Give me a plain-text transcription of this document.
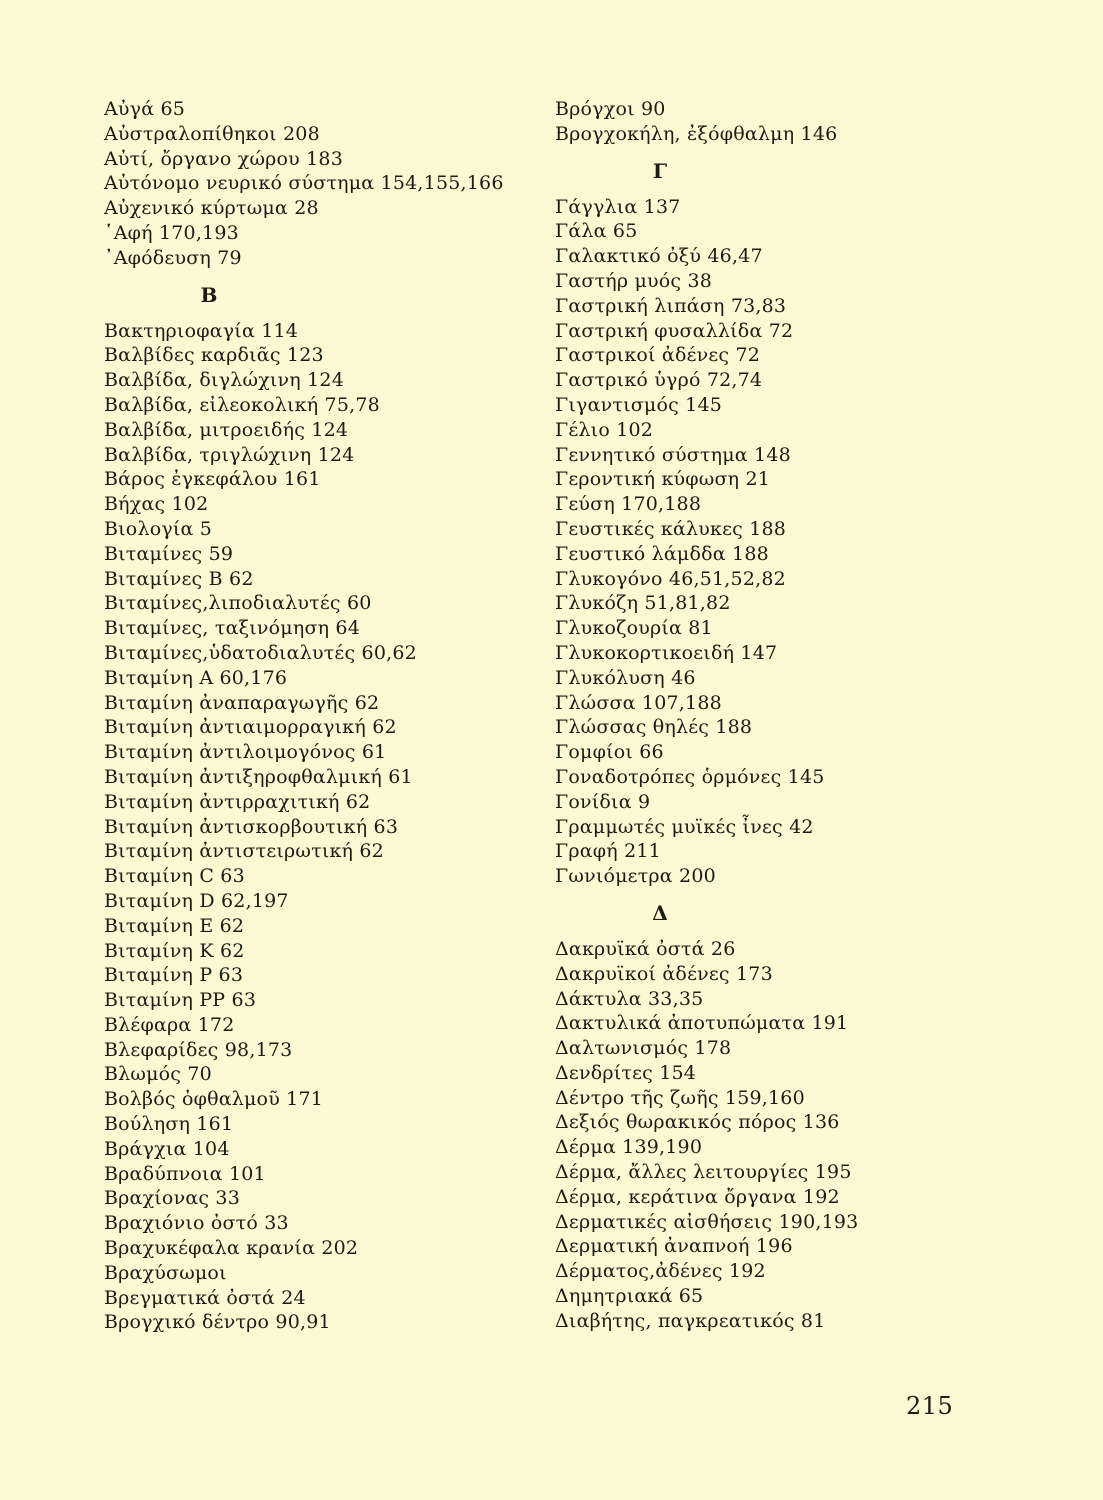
Αὐγά 65
Αὐστραλοπίθηκοι 208
Αὐτί, ὄργανο χώρου 183
Αὐτόνομο νευρικό σύστημα 154,155,166
Αὐχενικό κύρτωμα 28
῾Αφή 170,193
᾿Αφόδευση 79
Β
Βακτηριοφαγία 114
Βαλβίδες καρδιᾶς 123
Βαλβίδα, διγλώχινη 124
Βαλβίδα, εἰλεοκολική 75,78
Βαλβίδα, μιτροειδής 124
Βαλβίδα, τριγλώχινη 124
Βάρος ἐγκεφάλου 161
Βήχας 102
Βιολογία 5
Βιταμίνες 59
Βιταμίνες Β 62
Βιταμίνες,λιποδιαλυτές 60
Βιταμίνες, ταξινόμηση 64
Βιταμίνες,ὑδατοδιαλυτές 60,62
Βιταμίνη Α 60,176
Βιταμίνη ἀναπαραγωγῆς 62
Βιταμίνη ἀντιαιμορραγική 62
Βιταμίνη ἀντιλοιμογόνος 61
Βιταμίνη ἀντιξηροφθαλμική 61
Βιταμίνη ἀντιρραχιτική 62
Βιταμίνη ἀντισκορβουτική 63
Βιταμίνη ἀντιστειρωτική 62
Βιταμίνη C 63
Βιταμίνη D 62,197
Βιταμίνη Ε 62
Βιταμίνη Κ 62
Βιταμίνη Ρ 63
Βιταμίνη ΡΡ 63
Βλέφαρα 172
Βλεφαρίδες 98,173
Βλωμός 70
Βολβός ὀφθαλμοῦ 171
Βούληση 161
Βράγχια 104
Βραδύπνοια 101
Βραχίονας 33
Βραχιόνιο ὀστό 33
Βραχυκέφαλα κρανία 202
Βραχύσωμοι
Βρεγματικά ὀστά 24
Βρογχικό δέντρο 90,91
Βρόγχοι 90
Βρογχοκήλη, ἐξόφθαλμη 146
Γ
Γάγγλια 137
Γάλα 65
Γαλακτικό ὀξύ 46,47
Γαστήρ μυός 38
Γαστρική λιπάση 73,83
Γαστρική φυσαλλίδα 72
Γαστρικοί ἀδένες 72
Γαστρικό ὑγρό 72,74
Γιγαντισμός 145
Γέλιο 102
Γεννητικό σύστημα 148
Γεροντική κύφωση 21
Γεύση 170,188
Γευστικές κάλυκες 188
Γευστικό λάμδδα 188
Γλυκογόνο 46,51,52,82
Γλυκόζη 51,81,82
Γλυκοζουρία 81
Γλυκοκορτικοειδή 147
Γλυκόλυση 46
Γλώσσα 107,188
Γλώσσας θηλές 188
Γομφίοι 66
Γοναδοτρόπες ὁρμόνες 145
Γονίδια 9
Γραμμωτές μυϊκές ἶνες 42
Γραφή 211
Γωνιόμετρα 200
Δ
Δακρυϊκά ὀστά 26
Δακρυϊκοί ἀδένες 173
Δάκτυλα 33,35
Δακτυλικά ἀποτυπώματα 191
Δαλτωνισμός 178
Δενδρίτες 154
Δέντρο τῆς ζωῆς 159,160
Δεξιός θωρακικός πόρος 136
Δέρμα 139,190
Δέρμα, ἄλλες λειτουργίες 195
Δέρμα, κεράτινα ὄργανα 192
Δερματικές αἰσθήσεις 190,193
Δερματική ἀναπνοή 196
Δέρματος,ἀδένες 192
Δημητριακά 65
Διαβήτης, παγκρεατικός 81
215
